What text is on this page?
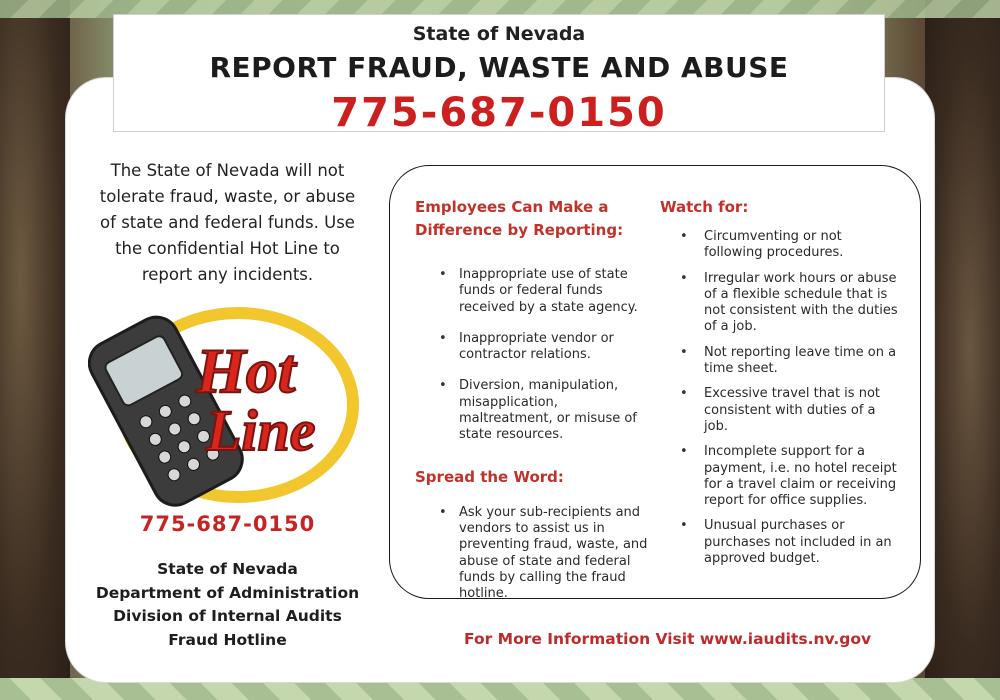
State of Nevada
REPORT FRAUD, WASTE AND ABUSE
775-687-0150
The State of Nevada will not tolerate fraud, waste, or abuse of state and federal funds. Use the confidential Hot Line to report any incidents.
Hot
Line
775-687-0150
State of Nevada
Department of Administration
Division of Internal Audits
Fraud Hotline
Employees Can Make a
Difference by Reporting:
• Inappropriate use of state funds or federal funds received by a state agency.
• Inappropriate vendor or contractor relations.
• Diversion, manipulation, misapplication, maltreatment, or misuse of state resources.
Spread the Word:
• Ask your sub-recipients and vendors to assist us in preventing fraud, waste, and abuse of state and federal funds by calling the fraud hotline.
Watch for:
• Circumventing or not following procedures.
• Irregular work hours or abuse of a flexible schedule that is not consistent with the duties of a job.
• Not reporting leave time on a time sheet.
• Excessive travel that is not consistent with duties of a job.
• Incomplete support for a payment, i.e. no hotel receipt for a travel claim or receiving report for office supplies.
• Unusual purchases or purchases not included in an approved budget.
For More Information Visit www.iaudits.nv.gov
